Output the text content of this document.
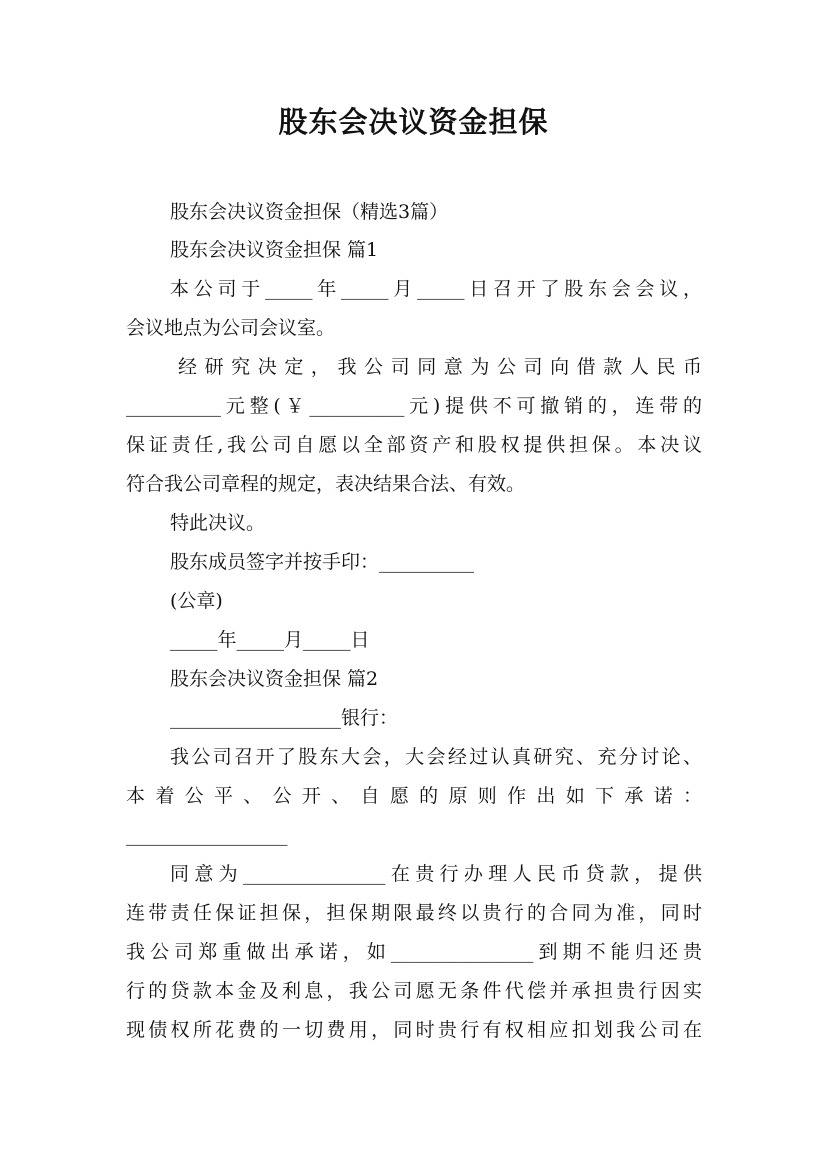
股东会决议资金担保
股东会决议资金担保（精选3篇）
股东会决议资金担保 篇1
本公司于_____年_____月_____日召开了股东会会议，
会议地点为公司会议室。
经研究决定，我公司同意为公司向借款人民币
__________元整(￥__________元)提供不可撤销的，连带的
保证责任,我公司自愿以全部资产和股权提供担保。本决议
符合我公司章程的规定，表决结果合法、有效。
特此决议。
股东成员签字并按手印：__________
(公章)
_____年_____月_____日
股东会决议资金担保 篇2
__________________银行：
我公司召开了股东大会，大会经过认真研究、充分讨论、
本着公平、公开、自愿的原则作出如下承诺：
_________________
同意为_______________在贵行办理人民币贷款，提供
连带责任保证担保，担保期限最终以贵行的合同为准，同时
我公司郑重做出承诺，如_______________到期不能归还贵
行的贷款本金及利息，我公司愿无条件代偿并承担贵行因实
现债权所花费的一切费用，同时贵行有权相应扣划我公司在
